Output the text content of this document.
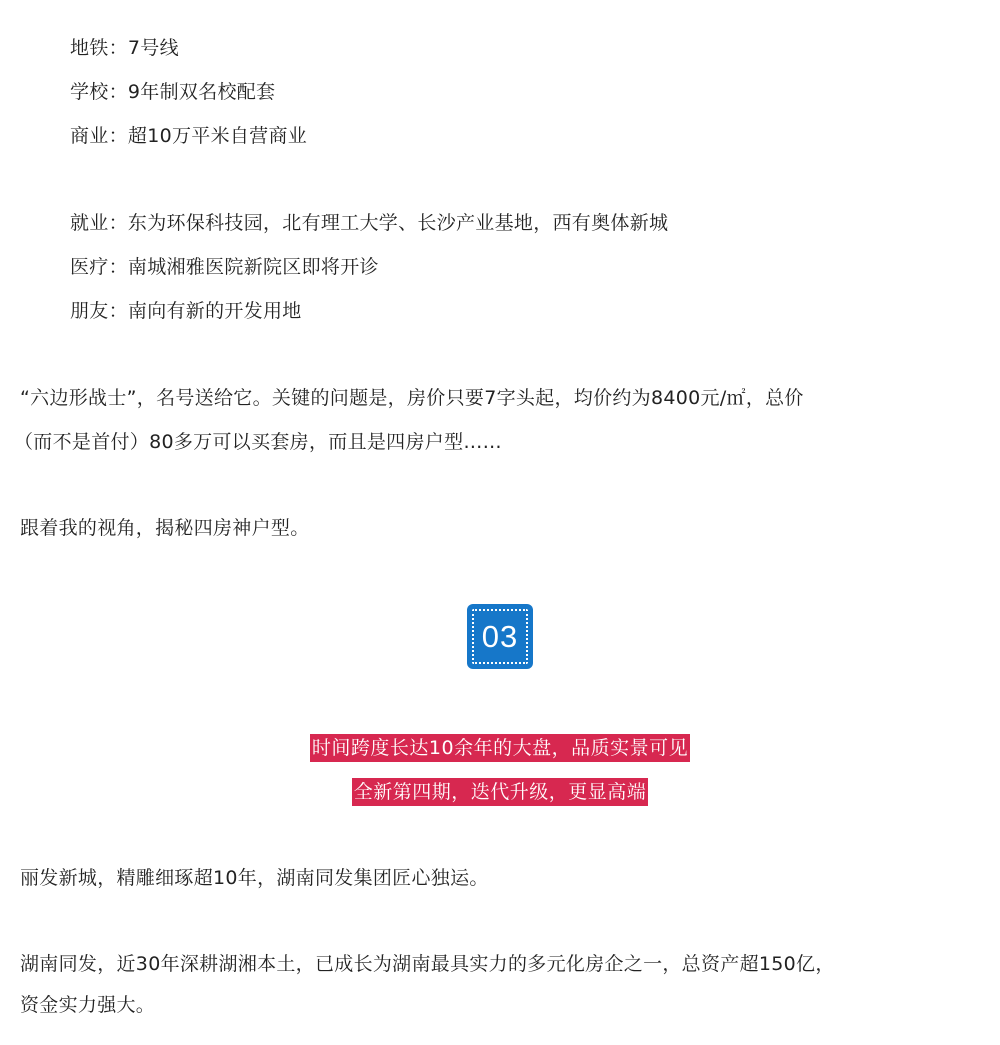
地铁：7号线
学校：9年制双名校配套
商业：超10万平米自营商业
就业：东为环保科技园，北有理工大学、长沙产业基地，西有奥体新城
医疗：南城湘雅医院新院区即将开诊
朋友：南向有新的开发用地
“六边形战士”，名号送给它。关键的问题是，房价只要7字头起，均价约为8400元/㎡，总价
（而不是首付）80多万可以买套房，而且是四房户型……
跟着我的视角，揭秘四房神户型。
03
时间跨度长达10余年的大盘，品质实景可见
全新第四期，迭代升级，更显高端
丽发新城，精雕细琢超10年，湖南同发集团匠心独运。
湖南同发，近30年深耕湖湘本土，已成长为湖南最具实力的多元化房企之一，总资产超150亿，
资金实力强大。
